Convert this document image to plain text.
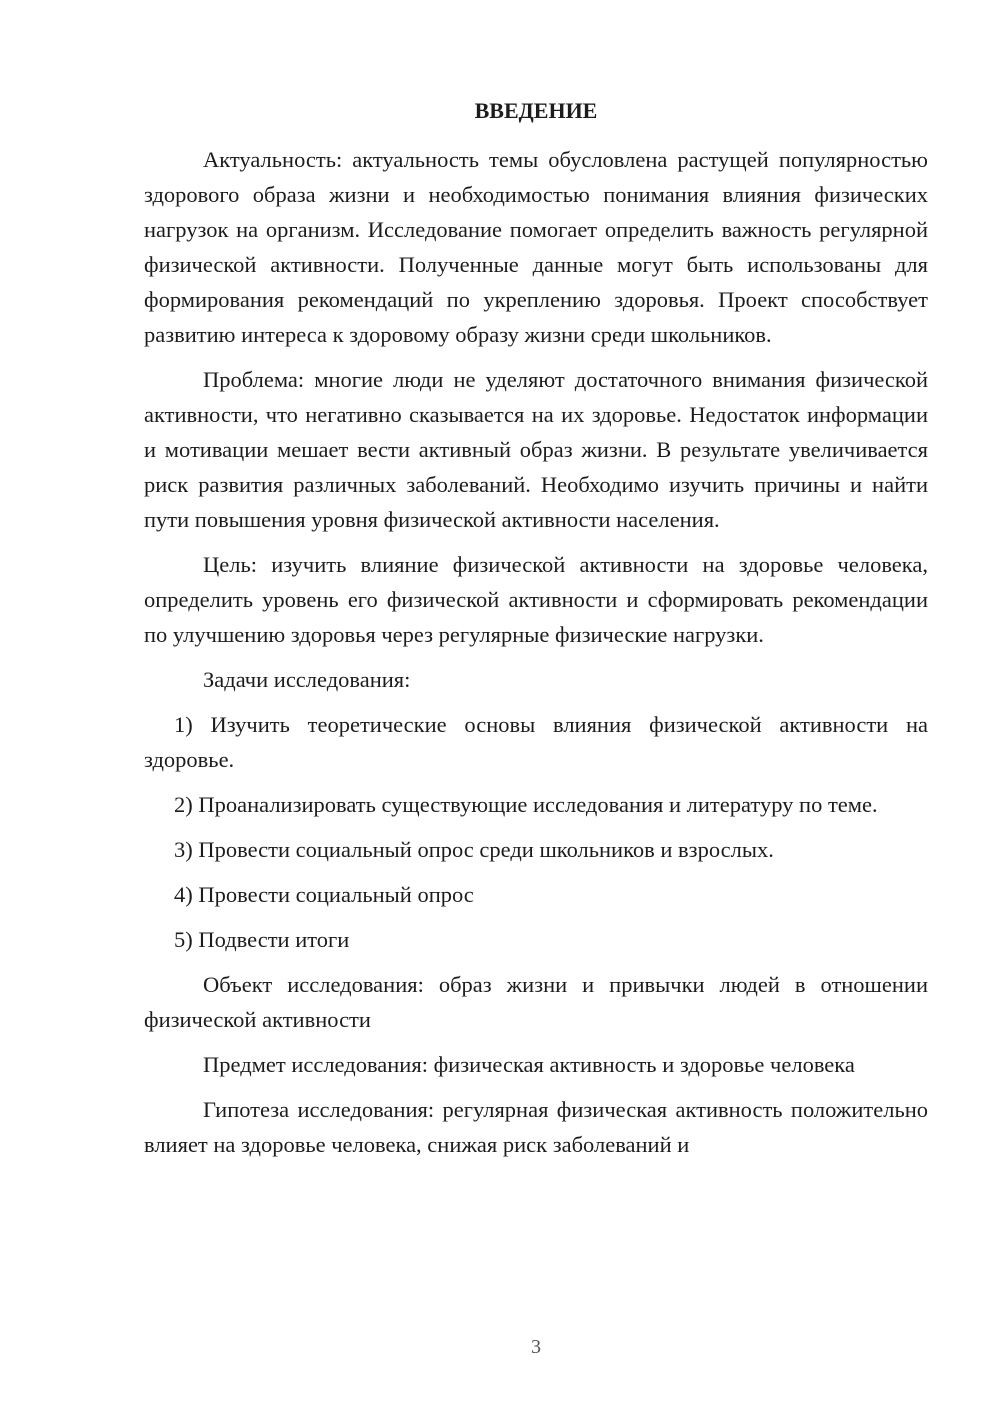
ВВЕДЕНИЕ

Актуальность: актуальность темы обусловлена растущей популярностью здорового образа жизни и необходимостью понимания влияния физических нагрузок на организм. Исследование помогает определить важность регулярной физической активности. Полученные данные могут быть использованы для формирования рекомендаций по укреплению здоровья. Проект способствует развитию интереса к здоровому образу жизни среди школьников.

Проблема: многие люди не уделяют достаточного внимания физической активности, что негативно сказывается на их здоровье. Недостаток информации и мотивации мешает вести активный образ жизни. В результате увеличивается риск развития различных заболеваний. Необходимо изучить причины и найти пути повышения уровня физической активности населения.

Цель: изучить влияние физической активности на здоровье человека, определить уровень его физической активности и сформировать рекомендации по улучшению здоровья через регулярные физические нагрузки.

Задачи исследования:

1) Изучить теоретические основы влияния физической активности на здоровье.

2) Проанализировать существующие исследования и литературу по теме.

3) Провести социальный опрос среди школьников и взрослых.

4) Провести социальный опрос

5) Подвести итоги

Объект исследования: образ жизни и привычки людей в отношении физической активности

Предмет исследования: физическая активность и здоровье человека

Гипотеза исследования: регулярная физическая активность положительно влияет на здоровье человека, снижая риск заболеваний и

3
